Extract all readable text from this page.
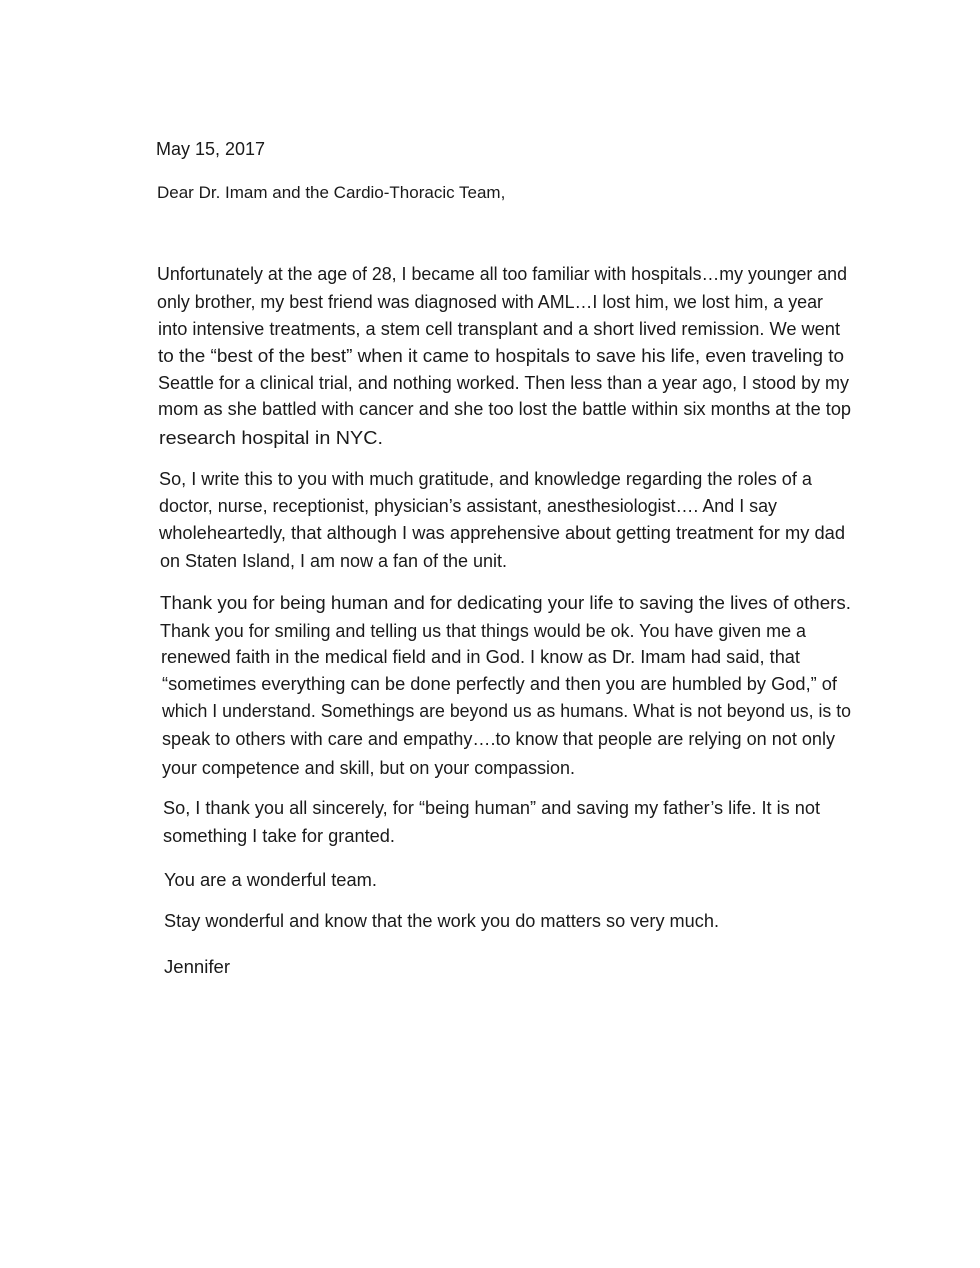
May 15, 2017
Dear Dr. Imam and the Cardio-Thoracic Team,
Unfortunately at the age of 28, I became all too familiar with hospitals…my younger and
only brother, my best friend was diagnosed with AML…I lost him, we lost him, a year
into intensive treatments, a stem cell transplant and a short lived remission. We went
to the “best of the best” when it came to hospitals to save his life, even traveling to
Seattle for a clinical trial, and nothing worked. Then less than a year ago, I stood by my
mom as she battled with cancer and she too lost the battle within six months at the top
research hospital in NYC.
So, I write this to you with much gratitude, and knowledge regarding the roles of a
doctor, nurse, receptionist, physician’s assistant, anesthesiologist…. And I say
wholeheartedly, that although I was apprehensive about getting treatment for my dad
on Staten Island, I am now a fan of the unit.
Thank you for being human and for dedicating your life to saving the lives of others.
Thank you for smiling and telling us that things would be ok. You have given me a
renewed faith in the medical field and in God. I know as Dr. Imam had said, that
“sometimes everything can be done perfectly and then you are humbled by God,” of
which I understand. Somethings are beyond us as humans. What is not beyond us, is to
speak to others with care and empathy….to know that people are relying on not only
your competence and skill, but on your compassion.
So, I thank you all sincerely, for “being human” and saving my father’s life. It is not
something I take for granted.
You are a wonderful team.
Stay wonderful and know that the work you do matters so very much.
Jennifer
